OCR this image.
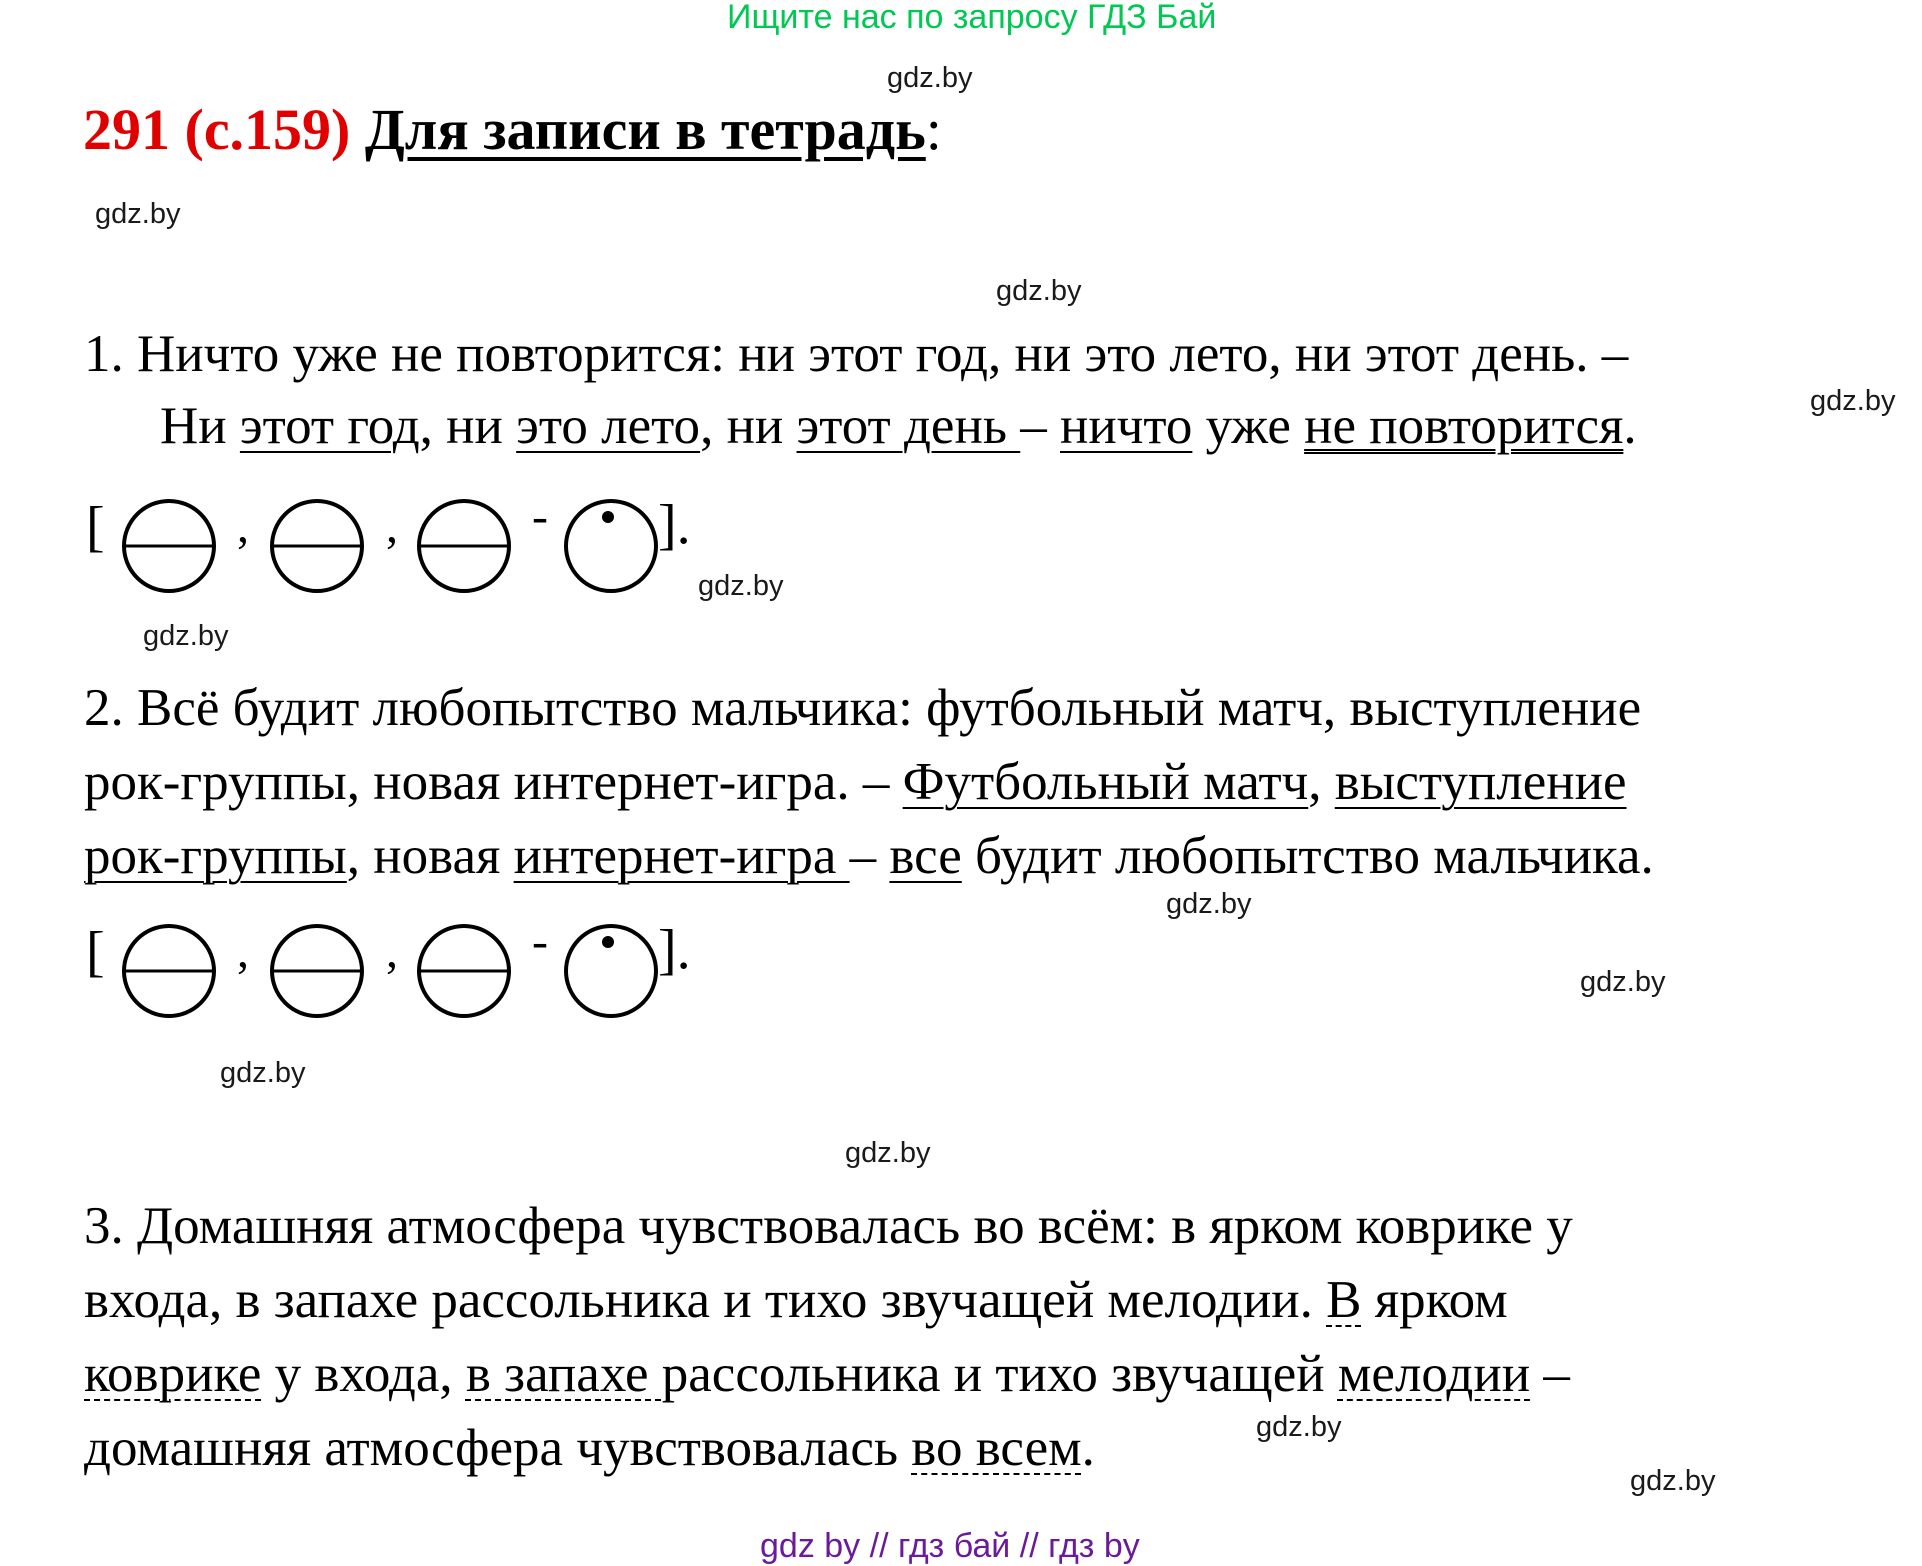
Ищите нас по запросу ГДЗ Бай
gdz by // гдз бай // гдз by
291 (с.159) Для записи в тетрадь:
gdz.by
gdz.by
gdz.by
gdz.by
gdz.by
gdz.by
gdz.by
gdz.by
gdz.by
gdz.by
gdz.by
gdz.by
1. Ничто уже не повторится: ни этот год, ни это лето, ни этот день. –
Ни этот год, ни это лето, ни этот день – ничто уже не повторится.
[	,	,	- ].
2. Всё будит любопытство мальчика: футбольный матч, выступление
рок-группы, новая интернет-игра. – Футбольный матч, выступление
рок-группы, новая интернет-игра – все будит любопытство мальчика.
[	,	,	- ].
3. Домашняя атмосфера чувствовалась во всём: в ярком коврике у
входа, в запахе рассольника и тихо звучащей мелодии. В ярком
коврике у входа, в запахе рассольника и тихо звучащей мелодии –
домашняя атмосфера чувствовалась во всем.
